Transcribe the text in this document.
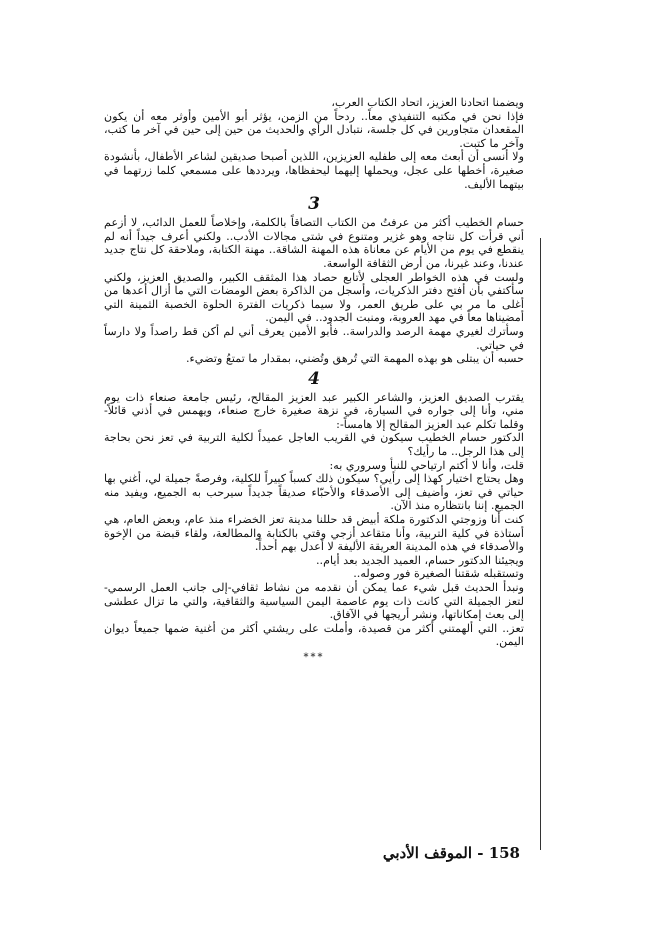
ويضمنا اتحادنا العزيز، اتحاد الكتاب العرب،

فإذا نحن في مكتبه التنفيذي معاً.. ردحاً من الزمن، يؤثر أبو الأمين وأوثر معه أن يكون المقعدان متجاورين في كل جلسة، نتبادل الرأي والحديث من حين إلى حين في آخر ما كتب، وآخر ما كتبت.

ولا أنسى أن أبعث معه إلى طفليه العزيزين، اللذين أصبحا صديقين لشاعر الأطفال، بأنشودة صغيرة، أخطها على عجل، ويحملها إليهما ليحفظاها، ويرددها على مسمعي كلما زرتهما في بيتهما الأليف.

3

حسام الخطيب أكثر من عرفتُ من الكتاب التصاقاً بالكلمة، وإخلاصاً للعمل الدائب، لا أزعم أني قرأت كل نتاجه وهو غزير ومتنوع في شتى مجالات الأدب.. ولكني أعرف جيداً أنه لم ينقطع في يوم من الأيام عن معاناة هذه المهنة الشاقة.. مهنة الكتابة، وملاحقة كل نتاج جديد عندنا، وعند غيرنا، من أرض الثقافة الواسعة.

ولست في هذه الخواطر العجلى لأتابع حصاد هذا المثقف الكبير، والصديق العزيز، ولكني سأكتفي بأن أفتح دفتر الذكريات، وأسجل من الذاكرة بعض الومضات التي ما أزال أعدها من أغلى ما مر بي على طريق العمر، ولا سيما ذكريات الفترة الحلوة الخصبة الثمينة التي أمضيناها معاً في مهد العروبة، ومنبت الجدود.. في اليمن.

وسأترك لغيري مهمة الرصد والدراسة.. فأبو الأمين يعرف أني لم أكن قط راصداً ولا دارساً في حياتي.

حسبه أن يبتلى هو بهذه المهمة التي تُرهق وتُضني، بمقدار ما تمتعُ وتضيء.

4

يقترب الصديق العزيز، والشاعر الكبير عبد العزيز المقالح، رئيس جامعة صنعاء ذات يوم مني، وأنا إلى جواره في السيارة، في نزهة صغيرة خارج صنعاء، ويهمس في أذني قائلاً- وقلما تكلم عبد العزيز المقالح إلا هامساً-:

الدكتور حسام الخطيب سيكون في القريب العاجل عميداً لكلية التربية في تعز نحن بحاجة إلى هذا الرجل.. ما رأيك؟

قلت، وأنا لا أكتم ارتياحي للنبأ وسروري به:

وهل يحتاج اختيار كهذا إلى رأيي؟ سيكون ذلك كسباً كبيراً للكلية، وفرصةً جميلة لي، أغني بها حياتي في تعز، وأضيف إلى الأصدقاء والأحبّاء صديقاً جديداً سيرحب به الجميع، ويفيد منه الجميع. إننا بانتظاره منذ الآن.

كنت أنا وزوجتي الدكتورة ملكة أبيض قد حللنا مدينة تعز الخضراء منذ عام، وبعض العام، هي أستاذة في كلية التربية، وأنا متقاعد أزجي وقتي بالكتابة والمطالعة، ولقاء قبضة من الإخوة والأصدقاء في هذه المدينة العريقة الأليفة لا أعدل بهم أحداً.

ويجيئنا الدكتور حسام، العميد الجديد بعد أيام..

وتستقبله شقتنا الصغيرة فور وصوله..

ونبدأ الحديث قبل شيء عما يمكن أن نقدمه من نشاط ثقافي-إلى جانب العمل الرسمي- لتعز الجميلة التي كانت ذات يوم عاصمة اليمن السياسية والثقافية، والتي ما تزال عطشى إلى بعث إمكاناتها، ونشر أريجها في الآفاق.

تعز.. التي ألهمتني أكثر من قصيدة، وأملت على ريشتي أكثر من أغنية ضمها جميعاً ديوان اليمن.

***
158 - الموقف الأدبي
